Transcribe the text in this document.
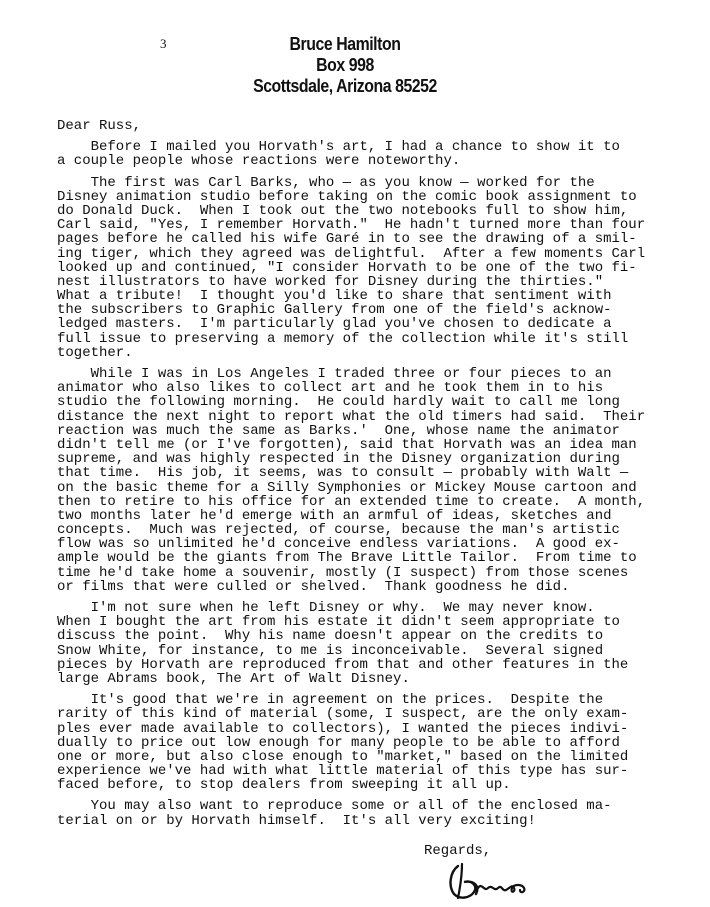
3	Bruce Hamilton
Box 998
Scottsdale, Arizona 85252
Dear Russ,
Before I mailed you Horvath's art, I had a chance to show it to
a couple people whose reactions were noteworthy.
The first was Carl Barks, who — as you know — worked for the
Disney animation studio before taking on the comic book assignment to
do Donald Duck.  When I took out the two notebooks full to show him,
Carl said, "Yes, I remember Horvath."  He hadn't turned more than four
pages before he called his wife Garé in to see the drawing of a smil-
ing tiger, which they agreed was delightful.  After a few moments Carl
looked up and continued, "I consider Horvath to be one of the two fi-
nest illustrators to have worked for Disney during the thirties."
What a tribute!  I thought you'd like to share that sentiment with
the subscribers to Graphic Gallery from one of the field's acknow-
ledged masters.  I'm particularly glad you've chosen to dedicate a
full issue to preserving a memory of the collection while it's still
together.
While I was in Los Angeles I traded three or four pieces to an
animator who also likes to collect art and he took them in to his
studio the following morning.  He could hardly wait to call me long
distance the next night to report what the old timers had said.  Their
reaction was much the same as Barks.'  One, whose name the animator
didn't tell me (or I've forgotten), said that Horvath was an idea man
supreme, and was highly respected in the Disney organization during
that time.  His job, it seems, was to consult — probably with Walt —
on the basic theme for a Silly Symphonies or Mickey Mouse cartoon and
then to retire to his office for an extended time to create.  A month,
two months later he'd emerge with an armful of ideas, sketches and
concepts.  Much was rejected, of course, because the man's artistic
flow was so unlimited he'd conceive endless variations.  A good ex-
ample would be the giants from The Brave Little Tailor.  From time to
time he'd take home a souvenir, mostly (I suspect) from those scenes
or films that were culled or shelved.  Thank goodness he did.
I'm not sure when he left Disney or why.  We may never know.
When I bought the art from his estate it didn't seem appropriate to
discuss the point.  Why his name doesn't appear on the credits to
Snow White, for instance, to me is inconceivable.  Several signed
pieces by Horvath are reproduced from that and other features in the
large Abrams book, The Art of Walt Disney.
It's good that we're in agreement on the prices.  Despite the
rarity of this kind of material (some, I suspect, are the only exam-
ples ever made available to collectors), I wanted the pieces indivi-
dually to price out low enough for many people to be able to afford
one or more, but also close enough to "market," based on the limited
experience we've had with what little material of this type has sur-
faced before, to stop dealers from sweeping it all up.
You may also want to reproduce some or all of the enclosed ma-
terial on or by Horvath himself.  It's all very exciting!
Regards,
